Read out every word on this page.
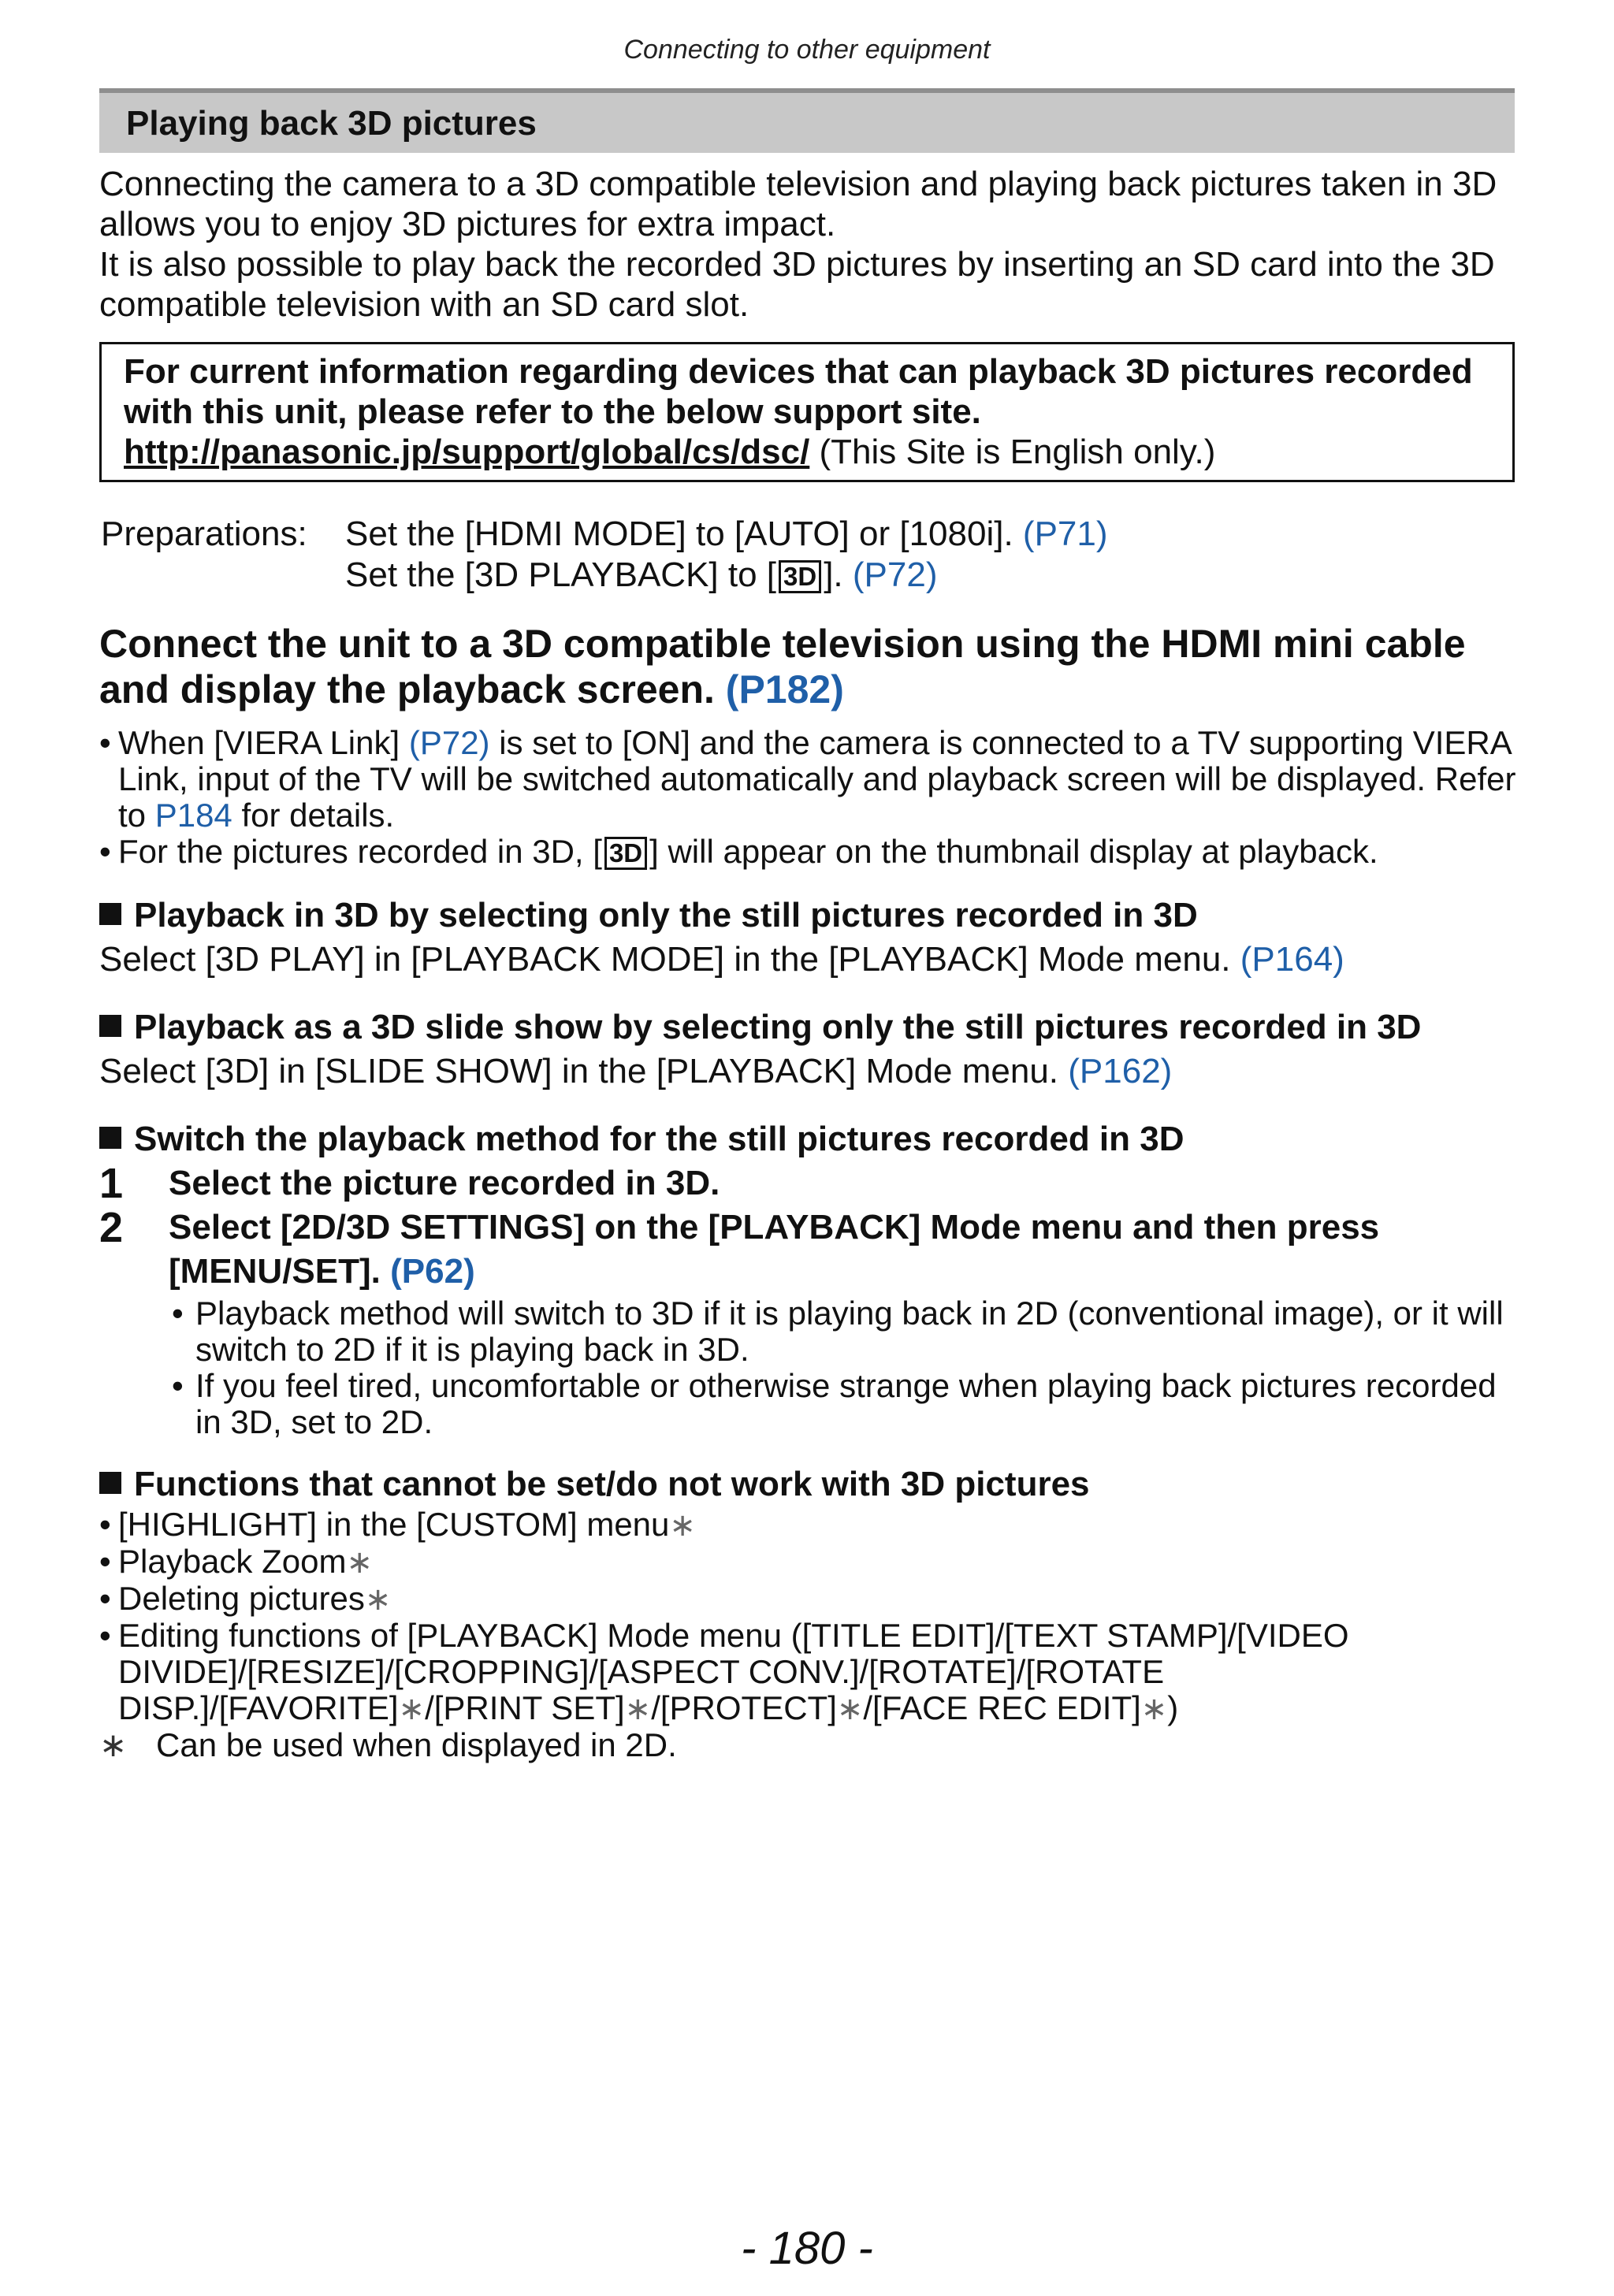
Connecting to other equipment
Playing back 3D pictures

Connecting the camera to a 3D compatible television and playing back pictures taken in 3D allows you to enjoy 3D pictures for extra impact.

It is also possible to play back the recorded 3D pictures by inserting an SD card into the 3D compatible television with an SD card slot.

For current information regarding devices that can playback 3D pictures recorded with this unit, please refer to the below support site.
http://panasonic.jp/support/global/cs/dsc/ (This Site is English only.)
Preparations:	Set the [HDMI MODE] to [AUTO] or [1080i]. (P71)
Set the [3D PLAYBACK] to [ 3D ]. (P72)
Connect the unit to a 3D compatible television using the HDMI mini cable and display the playback screen. (P182)
• When [VIERA Link] (P72) is set to [ON] and the camera is connected to a TV supporting VIERA Link, input of the TV will be switched automatically and playback screen will be displayed. Refer to P184 for details.
• For the pictures recorded in 3D, [ 3D ] will appear on the thumbnail display at playback.
Playback in 3D by selecting only the still pictures recorded in 3D
Select [3D PLAY] in [PLAYBACK MODE] in the [PLAYBACK] Mode menu. (P164)
Playback as a 3D slide show by selecting only the still pictures recorded in 3D
Select [3D] in [SLIDE SHOW] in the [PLAYBACK] Mode menu. (P162)
Switch the playback method for the still pictures recorded in 3D
1 Select the picture recorded in 3D.
2 Select [2D/3D SETTINGS] on the [PLAYBACK] Mode menu and then press [MENU/SET]. (P62)
• Playback method will switch to 3D if it is playing back in 2D (conventional image), or it will switch to 2D if it is playing back in 3D.
• If you feel tired, uncomfortable or otherwise strange when playing back pictures recorded in 3D, set to 2D.
Functions that cannot be set/do not work with 3D pictures
• [HIGHLIGHT] in the [CUSTOM] menu∗
• Playback Zoom∗
• Deleting pictures∗
• Editing functions of [PLAYBACK] Mode menu ([TITLE EDIT]/[TEXT STAMP]/[VIDEO DIVIDE]/[RESIZE]/[CROPPING]/[ASPECT CONV.]/[ROTATE]/[ROTATE DISP.]/[FAVORITE]∗/[PRINT SET]∗/[PROTECT]∗/[FACE REC EDIT]∗)
∗ Can be used when displayed in 2D.
- 180 -
